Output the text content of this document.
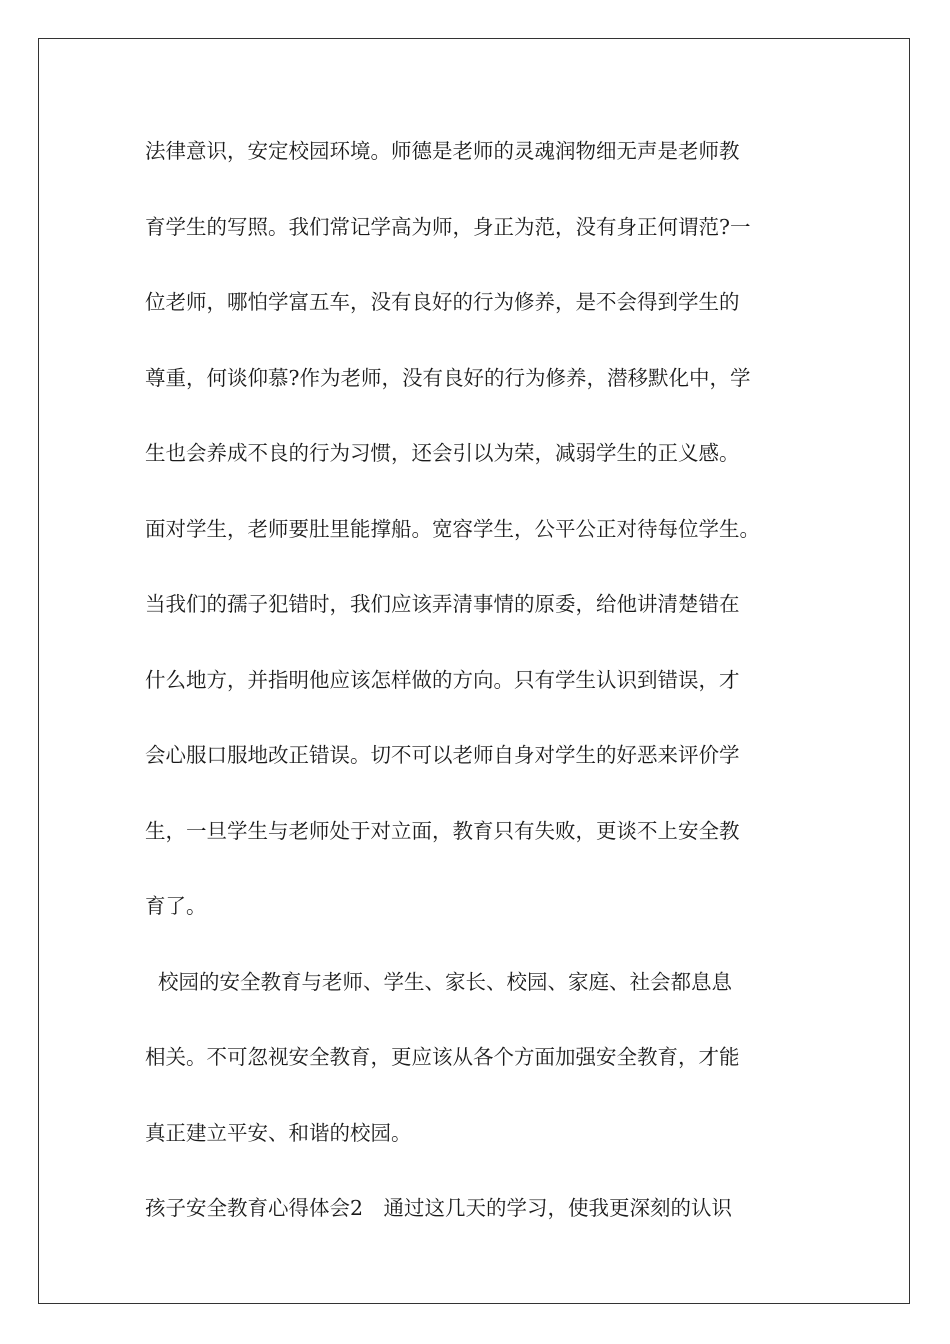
法律意识，安定校园环境。师德是老师的灵魂润物细无声是老师教
育学生的写照。我们常记学高为师，身正为范，没有身正何谓范?一
位老师，哪怕学富五车，没有良好的行为修养，是不会得到学生的
尊重，何谈仰慕?作为老师，没有良好的行为修养，潜移默化中，学
生也会养成不良的行为习惯，还会引以为荣，减弱学生的正义感。
面对学生，老师要肚里能撑船。宽容学生，公平公正对待每位学生。
当我们的孺子犯错时，我们应该弄清事情的原委，给他讲清楚错在
什么地方，并指明他应该怎样做的方向。只有学生认识到错误，才
会心服口服地改正错误。切不可以老师自身对学生的好恶来评价学
生，一旦学生与老师处于对立面，教育只有失败，更谈不上安全教
育了。
校园的安全教育与老师、学生、家长、校园、家庭、社会都息息
相关。不可忽视安全教育，更应该从各个方面加强安全教育，才能
真正建立平安、和谐的校园。
孩子安全教育心得体会2　通过这几天的学习，使我更深刻的认识
